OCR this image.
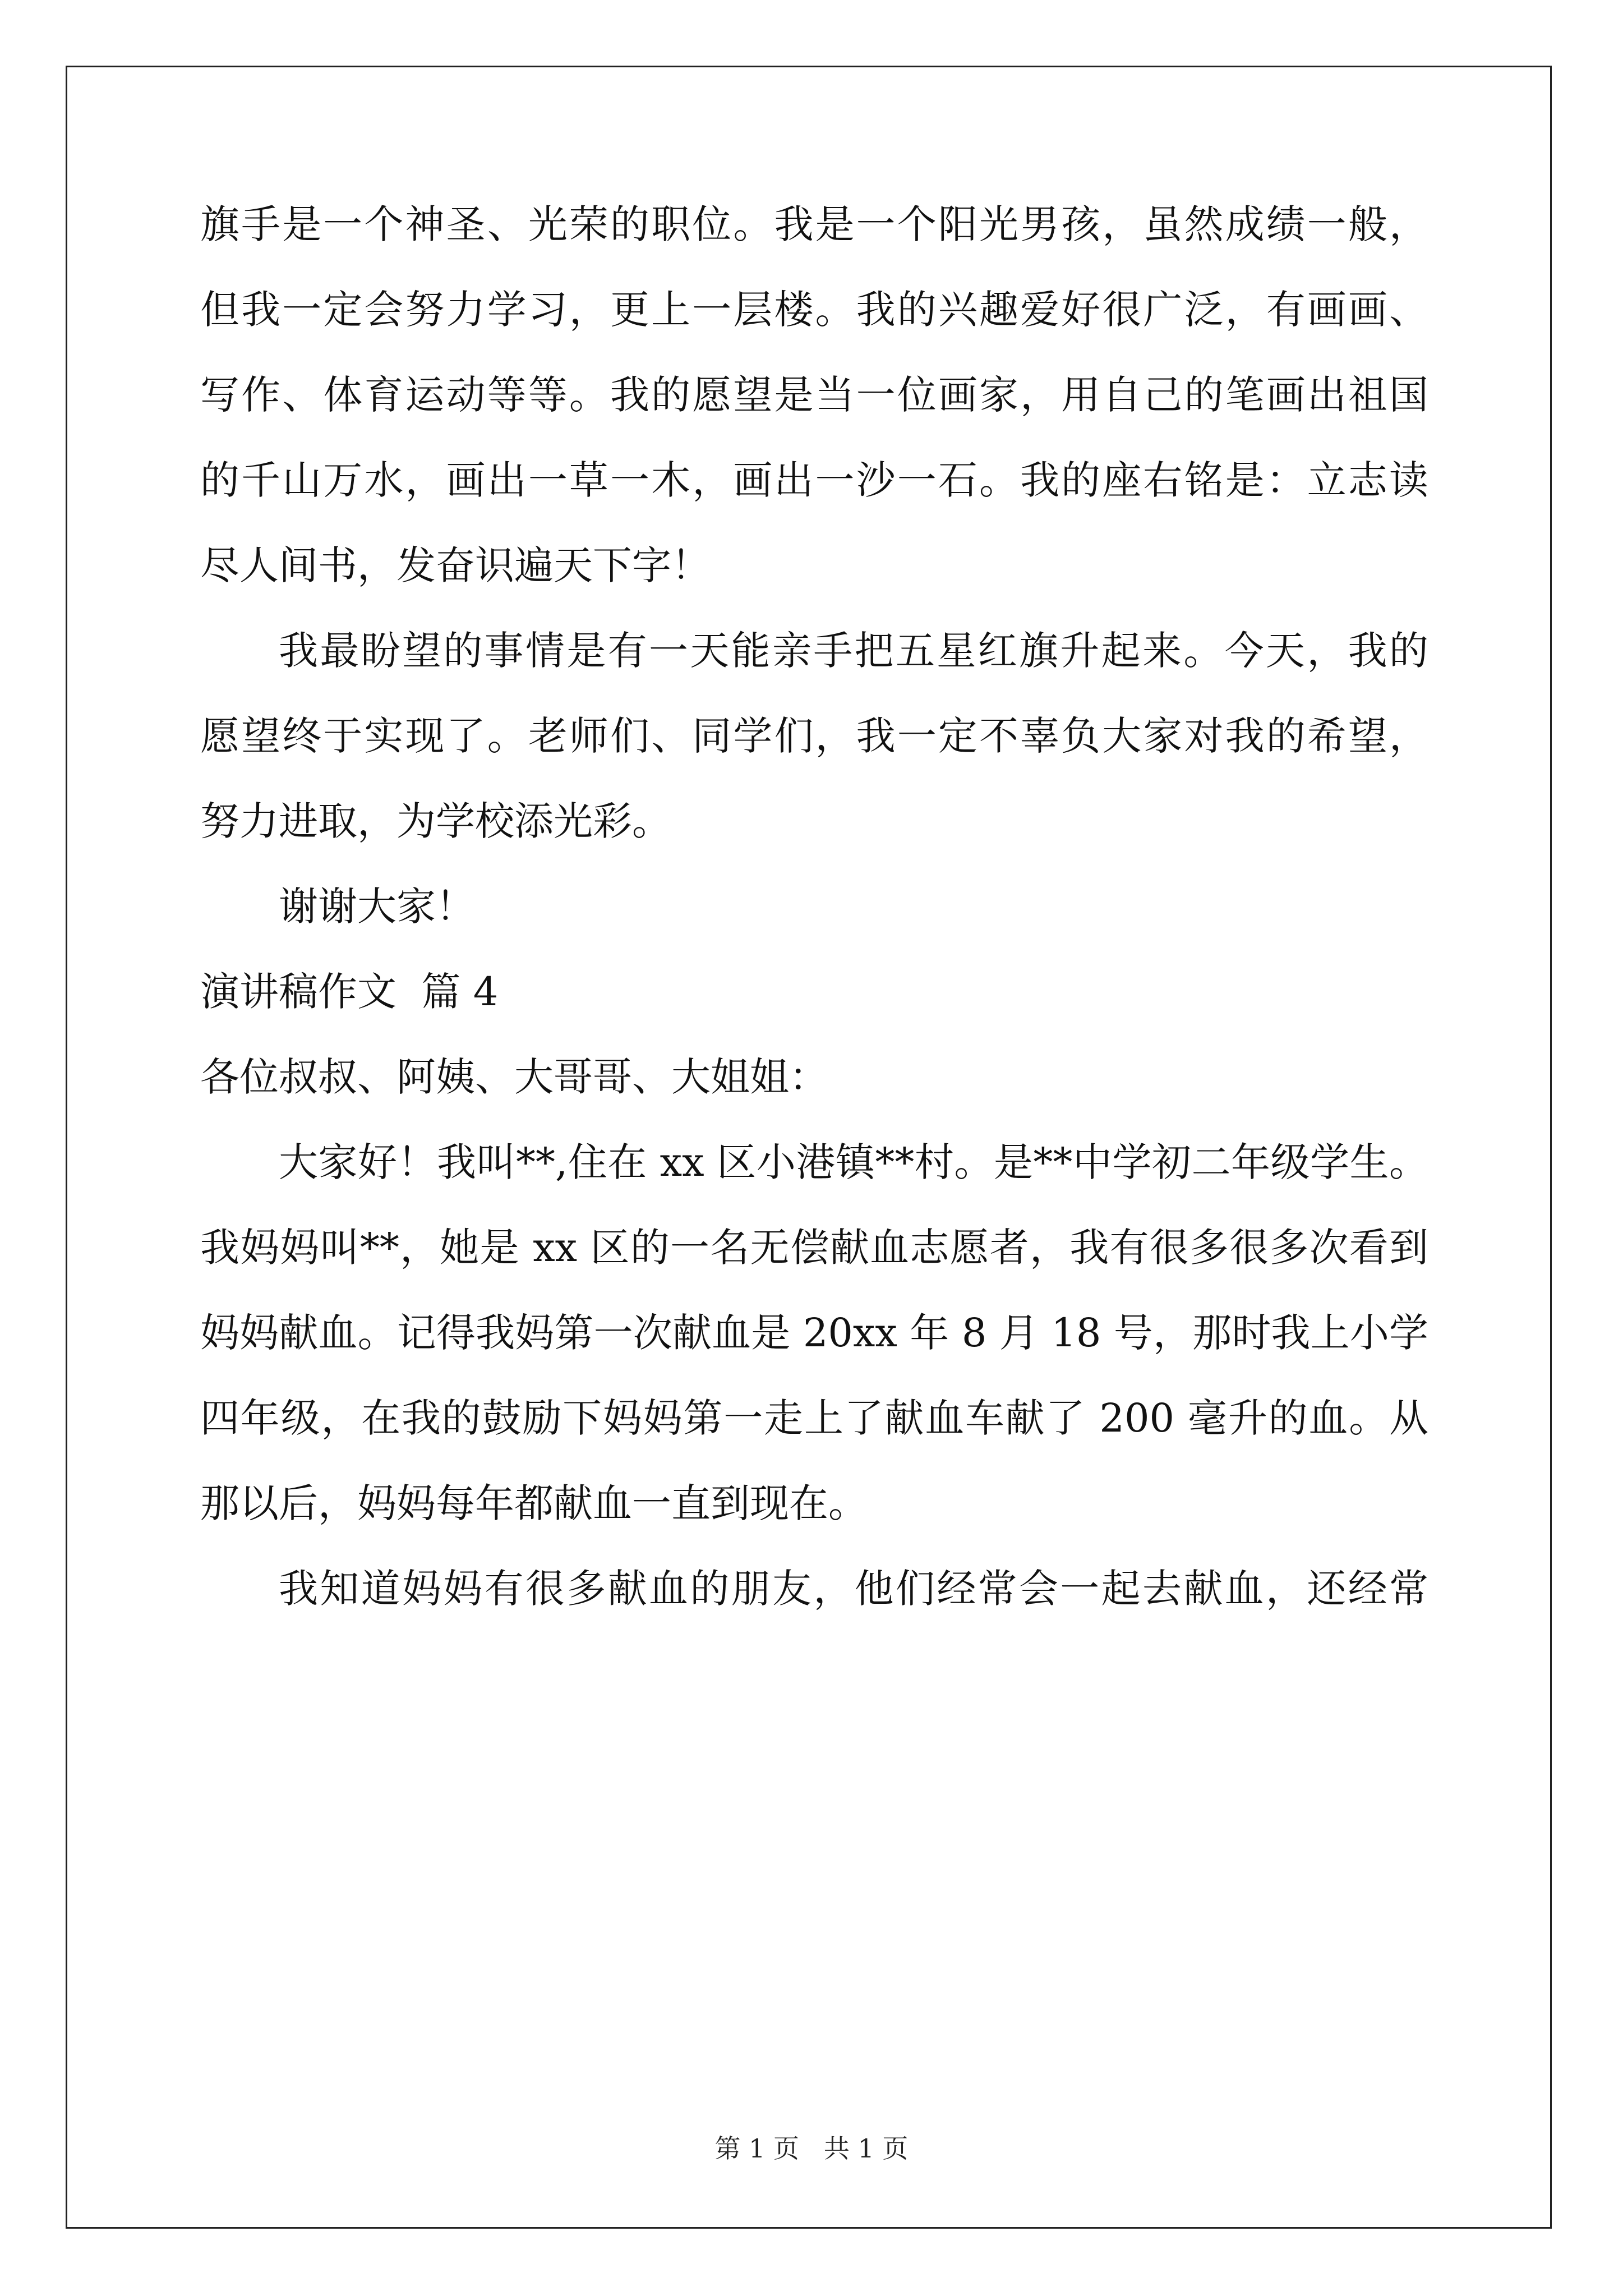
旗手是一个神圣、光荣的职位。我是一个阳光男孩，虽然成绩一般，
但我一定会努力学习，更上一层楼。我的兴趣爱好很广泛，有画画、
写作、体育运动等等。我的愿望是当一位画家，用自己的笔画出祖国
的千山万水，画出一草一木，画出一沙一石。我的座右铭是：立志读
尽人间书，发奋识遍天下字！
我最盼望的事情是有一天能亲手把五星红旗升起来。今天，我的
愿望终于实现了。老师们、同学们，我一定不辜负大家对我的希望，
努力进取，为学校添光彩。
谢谢大家！
演讲稿作文  篇 4
各位叔叔、阿姨、大哥哥、大姐姐：
大家好！我叫**,住在 xx 区小港镇**村。是**中学初二年级学生。
我妈妈叫**，她是 xx 区的一名无偿献血志愿者，我有很多很多次看到
妈妈献血。记得我妈第一次献血是 20xx 年 8 月 18 号，那时我上小学
四年级，在我的鼓励下妈妈第一走上了献血车献了 200 毫升的血。从
那以后，妈妈每年都献血一直到现在。
我知道妈妈有很多献血的朋友，他们经常会一起去献血，还经常
第 1 页   共 1 页
